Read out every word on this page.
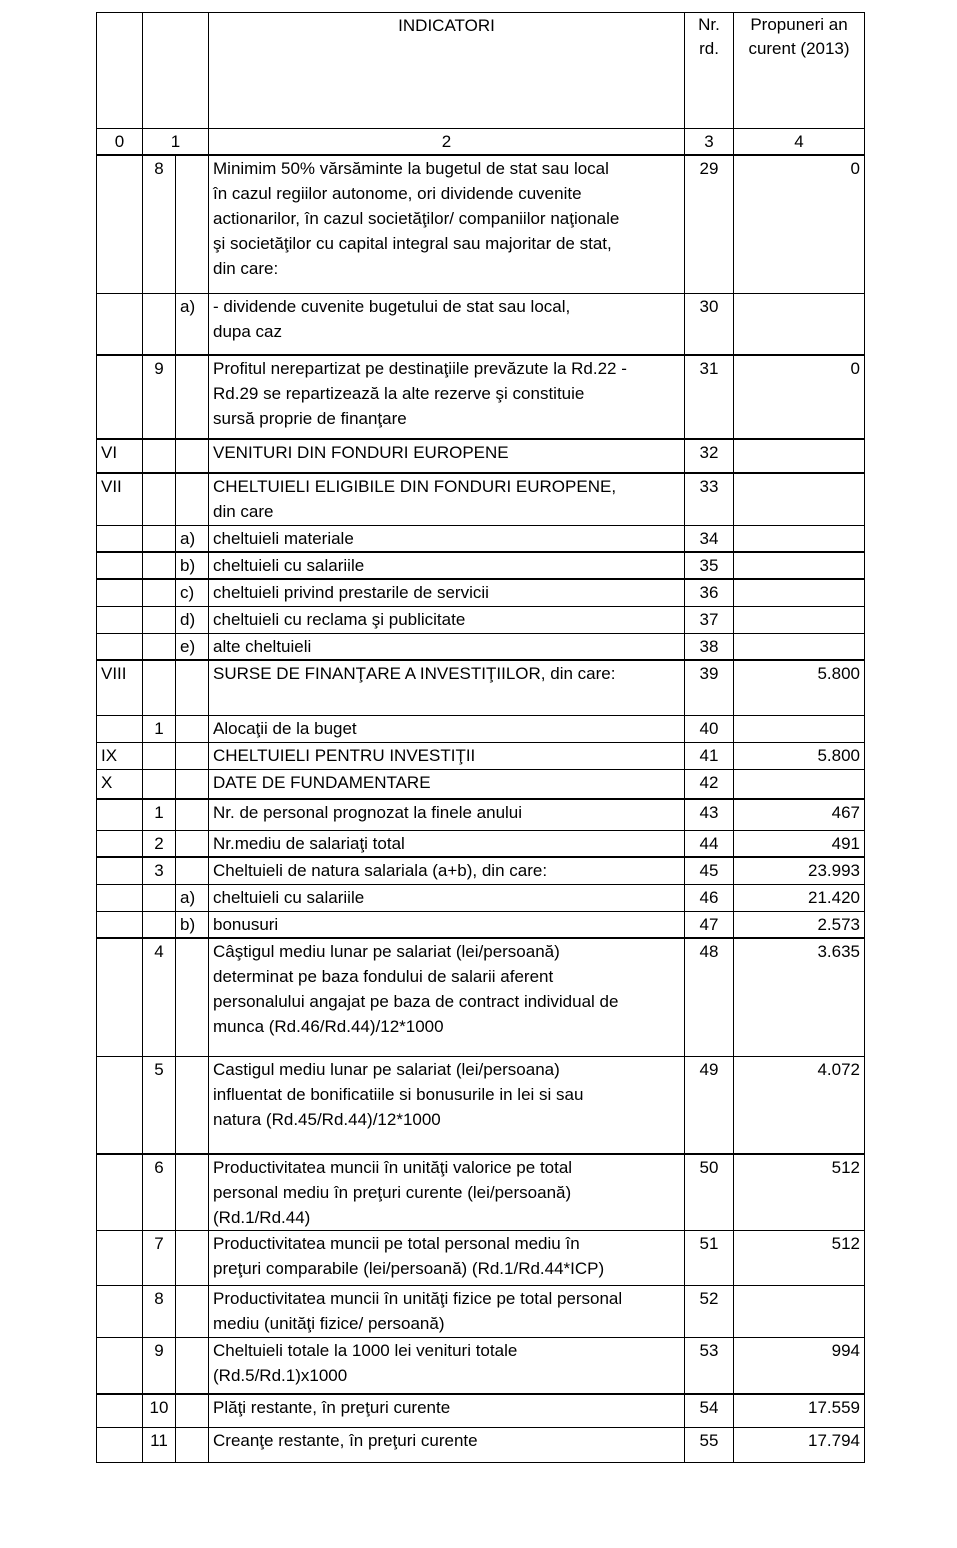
			INDICATORI	Nr.
rd.	Propuneri an
curent (2013)
0	1		2	3	4
	8		Minimim 50% vărsăminte la bugetul de stat sau local
în cazul regiilor autonome, ori dividende cuvenite
actionarilor, în cazul societăţilor/ companiilor naţionale
şi societăţilor cu capital integral sau majoritar de stat,
din care:	29	0
		a)	- dividende cuvenite bugetului de stat sau local,
dupa caz	30	
	9		Profitul nerepartizat pe destinaţiile prevăzute la Rd.22 -
Rd.29 se repartizează la alte rezerve şi constituie
sursă proprie de finanţare	31	0
VI			VENITURI DIN FONDURI EUROPENE	32	
VII			CHELTUIELI ELIGIBILE DIN FONDURI EUROPENE,
din care	33	
		a)	cheltuieli materiale	34	
		b)	cheltuieli cu salariile	35	
		c)	cheltuieli privind prestarile de servicii	36	
		d)	cheltuieli cu reclama şi publicitate	37	
		e)	alte cheltuieli	38	
VIII			SURSE DE FINANŢARE A INVESTIŢIILOR, din care:	39	5.800
	1		Alocaţii de la buget	40	
IX			CHELTUIELI PENTRU INVESTIŢII	41	5.800
X			DATE DE FUNDAMENTARE	42	
	1		Nr. de personal prognozat la finele anului	43	467
	2		Nr.mediu de salariaţi total	44	491
	3		Cheltuieli de natura salariala (a+b), din care:	45	23.993
		a)	cheltuieli cu salariile	46	21.420
		b)	bonusuri	47	2.573
	4		Câştigul mediu lunar pe salariat (lei/persoană)
determinat pe baza fondului de salarii aferent
personalului angajat pe baza de contract individual de
munca (Rd.46/Rd.44)/12*1000	48	3.635
	5		Castigul mediu lunar pe salariat (lei/persoana)
influentat de bonificatiile si bonusurile in lei si sau
natura (Rd.45/Rd.44)/12*1000	49	4.072
	6		Productivitatea muncii în unităţi valorice pe total
personal mediu în preţuri curente (lei/persoană)
(Rd.1/Rd.44)	50	512
	7		Productivitatea muncii pe total personal mediu în
preţuri comparabile (lei/persoană) (Rd.1/Rd.44*ICP)	51	512
	8		Productivitatea muncii în unităţi fizice pe total personal
mediu (unităţi fizice/ persoană)	52	
	9		Cheltuieli totale la 1000 lei venituri totale
(Rd.5/Rd.1)x1000	53	994
	10		Plăţi restante, în preţuri curente	54	17.559
	11		Creanţe restante, în preţuri curente	55	17.794
